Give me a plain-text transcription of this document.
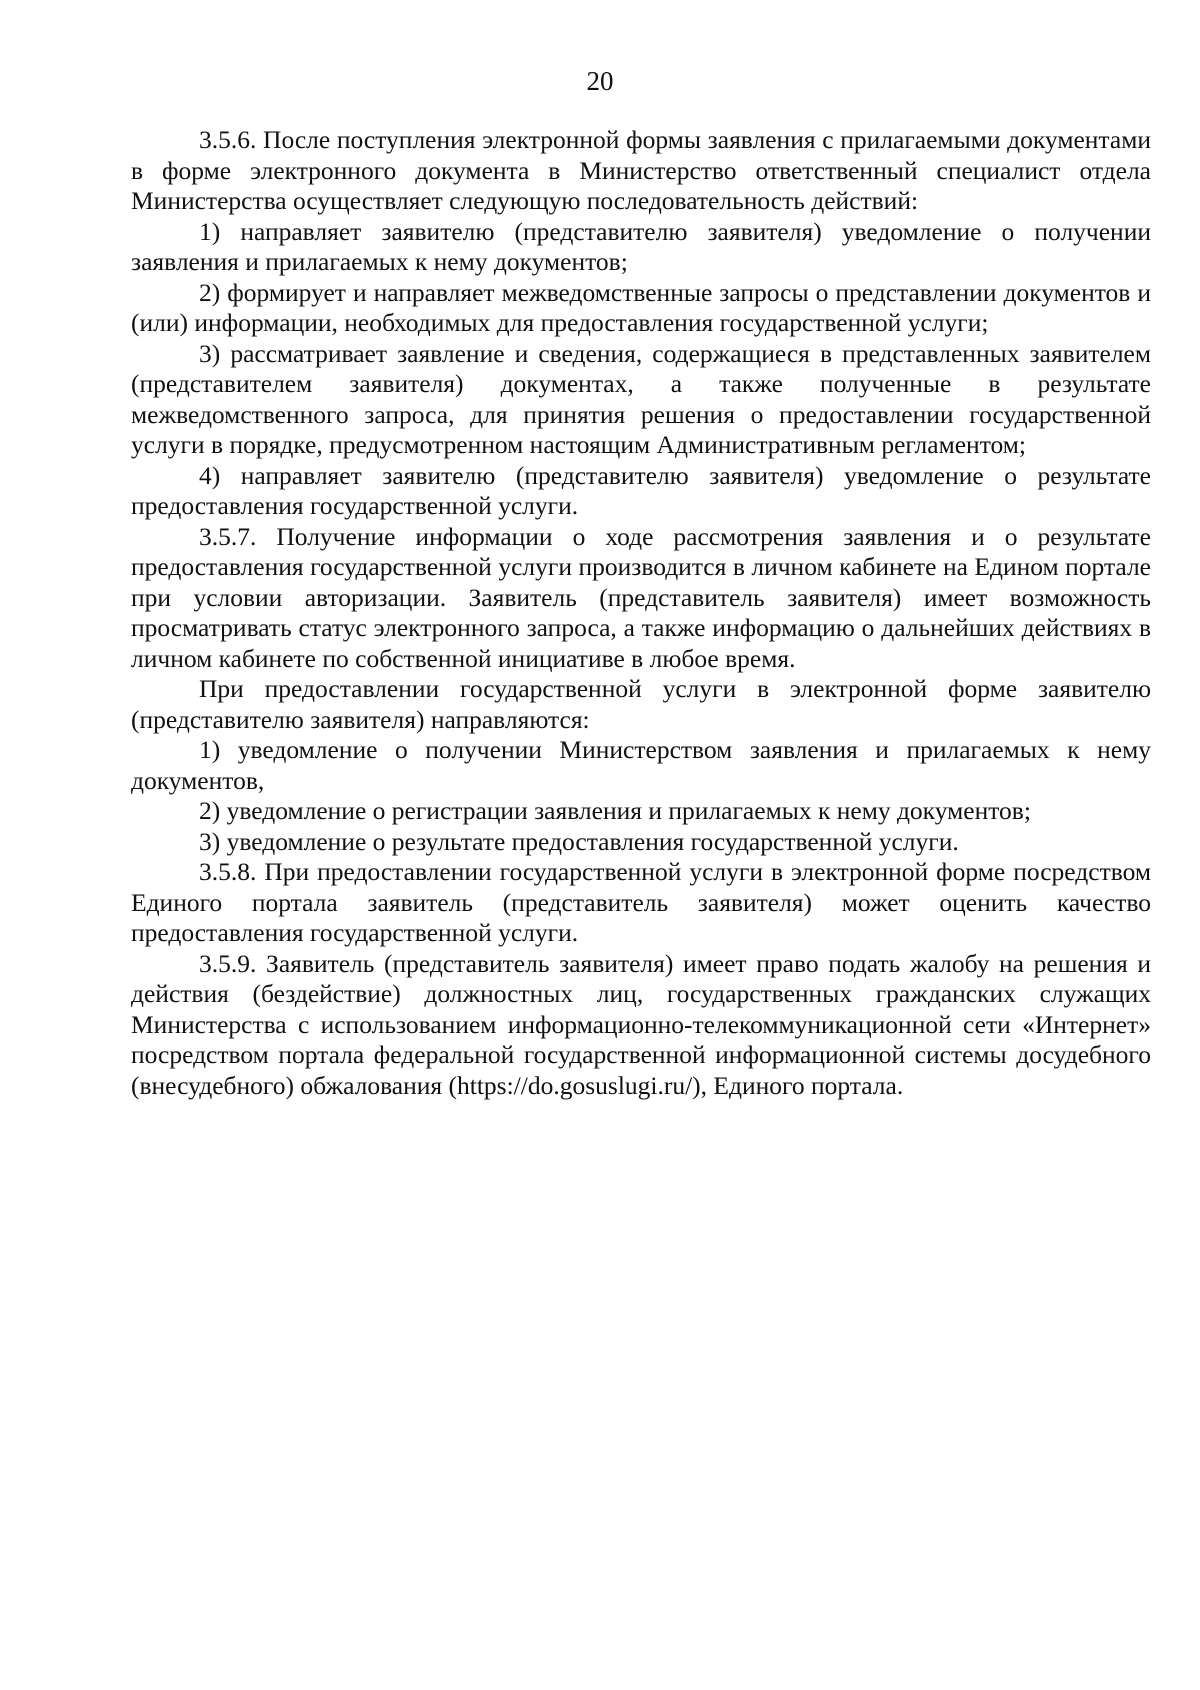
20

3.5.6. После поступления электронной формы заявления с прилагаемыми документами в форме электронного документа в Министерство ответственный специалист отдела Министерства осуществляет следующую последовательность действий:

1) направляет заявителю (представителю заявителя) уведомление о получении заявления и прилагаемых к нему документов;

2) формирует и направляет межведомственные запросы о представлении документов и (или) информации, необходимых для предоставления государственной услуги;

3) рассматривает заявление и сведения, содержащиеся в представленных заявителем (представителем заявителя) документах, а также полученные в результате межведомственного запроса, для принятия решения о предоставлении государственной услуги в порядке, предусмотренном настоящим Административным регламентом;

4) направляет заявителю (представителю заявителя) уведомление о результате предоставления государственной услуги.

3.5.7. Получение информации о ходе рассмотрения заявления и о результате предоставления государственной услуги производится в личном кабинете на Едином портале при условии авторизации. Заявитель (представитель заявителя) имеет возможность просматривать статус электронного запроса, а также информацию о дальнейших действиях в личном кабинете по собственной инициативе в любое время.

При предоставлении государственной услуги в электронной форме заявителю (представителю заявителя) направляются:

1) уведомление о получении Министерством заявления и прилагаемых к нему документов,

2) уведомление о регистрации заявления и прилагаемых к нему документов;

3) уведомление о результате предоставления государственной услуги.

3.5.8. При предоставлении государственной услуги в электронной форме посредством Единого портала заявитель (представитель заявителя) может оценить качество предоставления государственной услуги.

3.5.9. Заявитель (представитель заявителя) имеет право подать жалобу на решения и действия (бездействие) должностных лиц, государственных гражданских служащих Министерства с использованием информационно-телекоммуникационной сети «Интернет» посредством портала федеральной государственной информационной системы досудебного (внесудебного) обжалования (https://do.gosuslugi.ru/), Единого портала.
